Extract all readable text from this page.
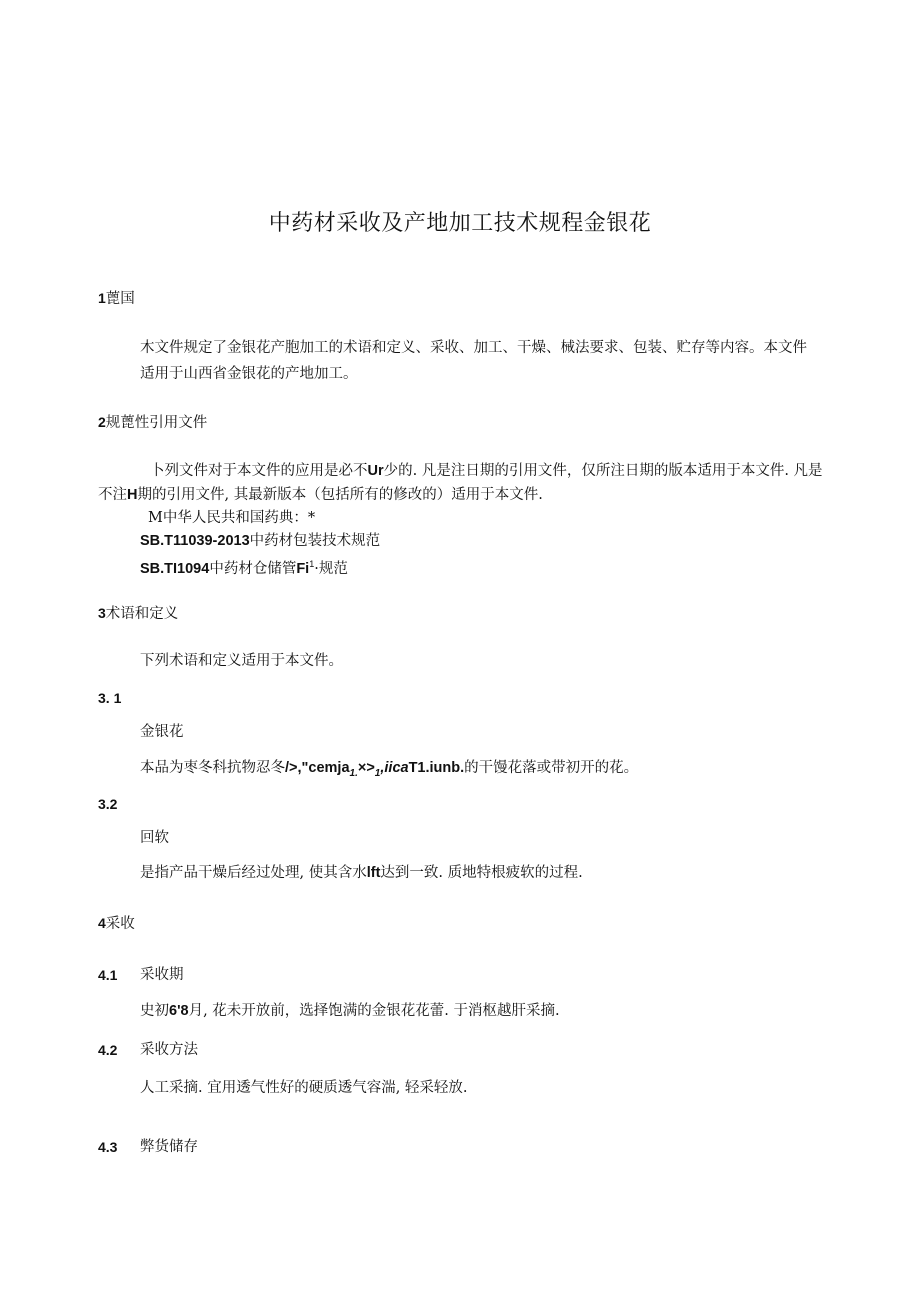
中药材采收及产地加工技术规程金银花
1蓖国
木文件规定了金银花产胞加工的术语和定义、采收、加工、干燥、械法要求、包装、贮存等内容。本文件
适用于山西省金银花的产地加工。
2规蓖性引用文件
卜列文件对于本文件的应用是必不Ur少的. 凡是注日期的引用文件，仅所注日期的版本适用于本文件. 凡是
不注H期的引用文件, 其最新版本（包括所有的修改的）适用于本文件.
M中华人民共和国药典：*
SB.T11039-2013中药材包装技术规范
SB.TI1094中药材仓储管$Fi^1\cdot$规范
3术语和定义
下列术语和定义适用于本文件。
3. 1
金银花
本品为枣冬科抗物忍冬$/>,"cemja_{1.}\times>_1,iicaT1.iunb$.的干馒花落或带初开的花。
3.2
回软
是指产品干燥后经过处理, 使其含水lft达到一致. 质地特根疲软的过程.
4采收
4.1 采收期
史初6'8月, 花未开放前，选择饱满的金银花花蕾. 于消枢越肝采摘.
4.2 采收方法
人工采摘. 宜用透气性好的硬质透气容湍, 轻采轻放.
4.3 弊货储存
